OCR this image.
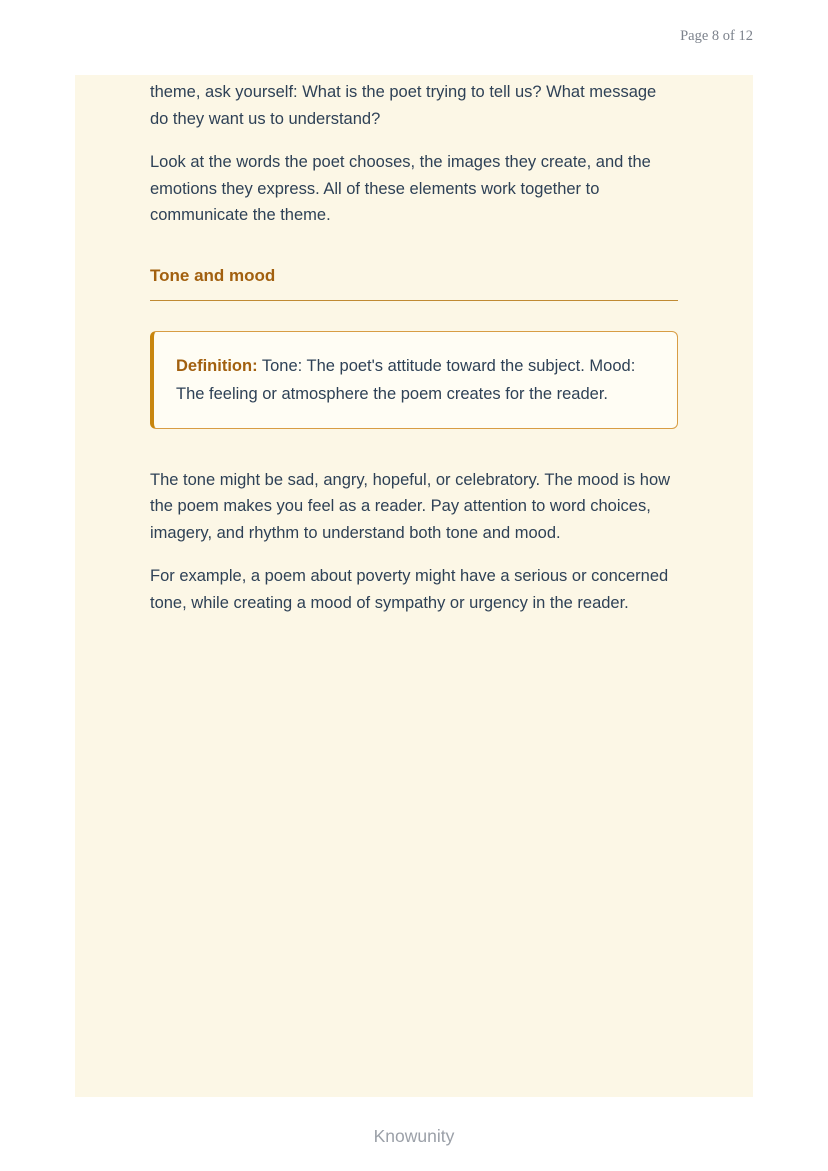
Page 8 of 12

theme, ask yourself: What is the poet trying to tell us? What message do they want us to understand?

Look at the words the poet chooses, the images they create, and the emotions they express. All of these elements work together to communicate the theme.

Tone and mood
Definition: Tone: The poet's attitude toward the subject. Mood: The feeling or atmosphere the poem creates for the reader.

The tone might be sad, angry, hopeful, or celebratory. The mood is how the poem makes you feel as a reader. Pay attention to word choices, imagery, and rhythm to understand both tone and mood.

For example, a poem about poverty might have a serious or concerned tone, while creating a mood of sympathy or urgency in the reader.

Knowunity
